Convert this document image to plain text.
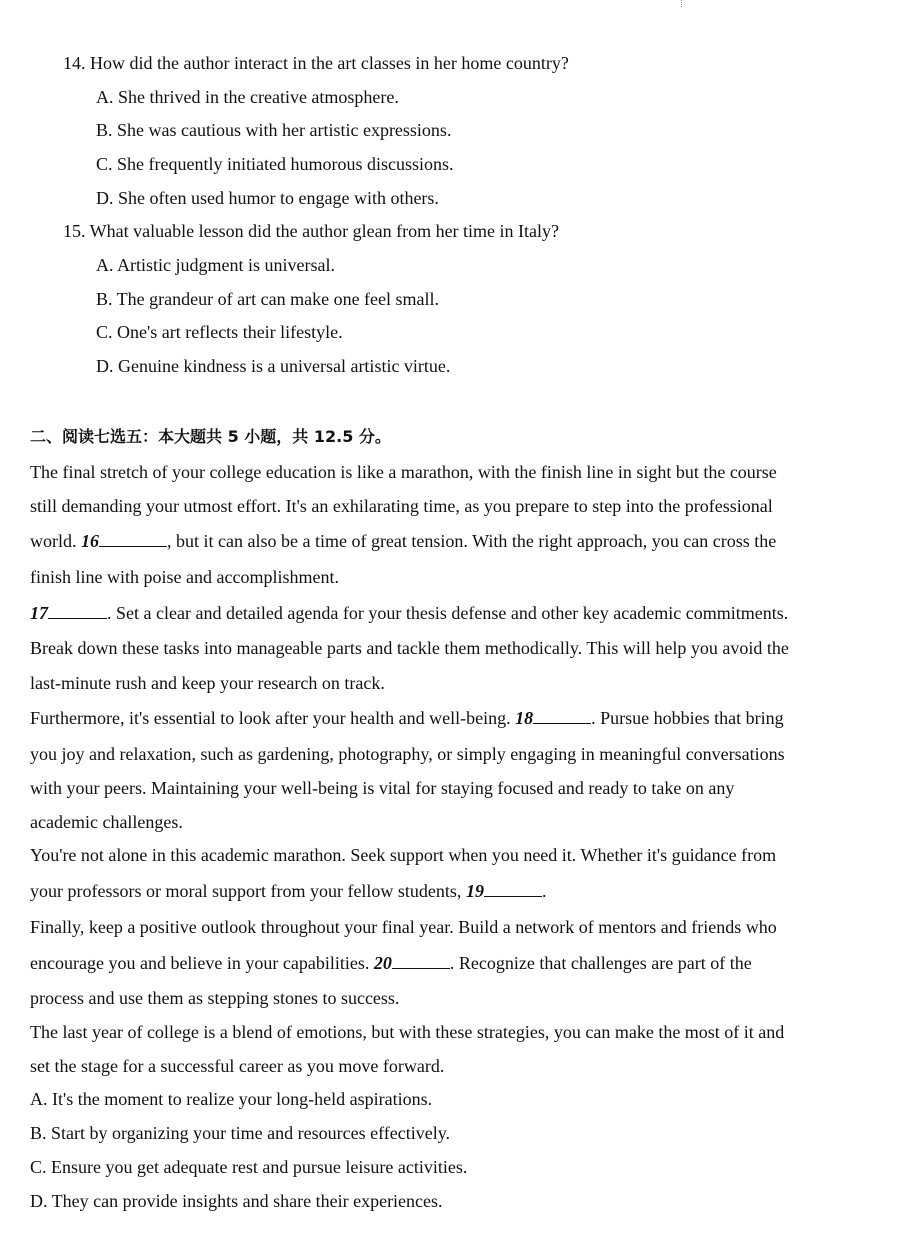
14. How did the author interact in the art classes in her home country?
A. She thrived in the creative atmosphere.
B. She was cautious with her artistic expressions.
C. She frequently initiated humorous discussions.
D. She often used humor to engage with others.
15. What valuable lesson did the author glean from her time in Italy?
A. Artistic judgment is universal.
B. The grandeur of art can make one feel small.
C. One's art reflects their lifestyle.
D. Genuine kindness is a universal artistic virtue.
二、阅读七选五：本大题共 5 小题，共 12.5 分。
The final stretch of your college education is like a marathon, with the finish line in sight but the course
still demanding your utmost effort. It's an exhilarating time, as you prepare to step into the professional
world. 16	, but it can also be a time of great tension. With the right approach, you can cross the
finish line with poise and accomplishment.
17	. Set a clear and detailed agenda for your thesis defense and other key academic commitments.
Break down these tasks into manageable parts and tackle them methodically. This will help you avoid the
last-minute rush and keep your research on track.
Furthermore, it's essential to look after your health and well-being. 18	. Pursue hobbies that bring
you joy and relaxation, such as gardening, photography, or simply engaging in meaningful conversations
with your peers. Maintaining your well-being is vital for staying focused and ready to take on any
academic challenges.
You're not alone in this academic marathon. Seek support when you need it. Whether it's guidance from
your professors or moral support from your fellow students, 19	.
Finally, keep a positive outlook throughout your final year. Build a network of mentors and friends who
encourage you and believe in your capabilities. 20	. Recognize that challenges are part of the
process and use them as stepping stones to success.
The last year of college is a blend of emotions, but with these strategies, you can make the most of it and
set the stage for a successful career as you move forward.
A. It's the moment to realize your long-held aspirations.
B. Start by organizing your time and resources effectively.
C. Ensure you get adequate rest and pursue leisure activities.
D. They can provide insights and share their experiences.
